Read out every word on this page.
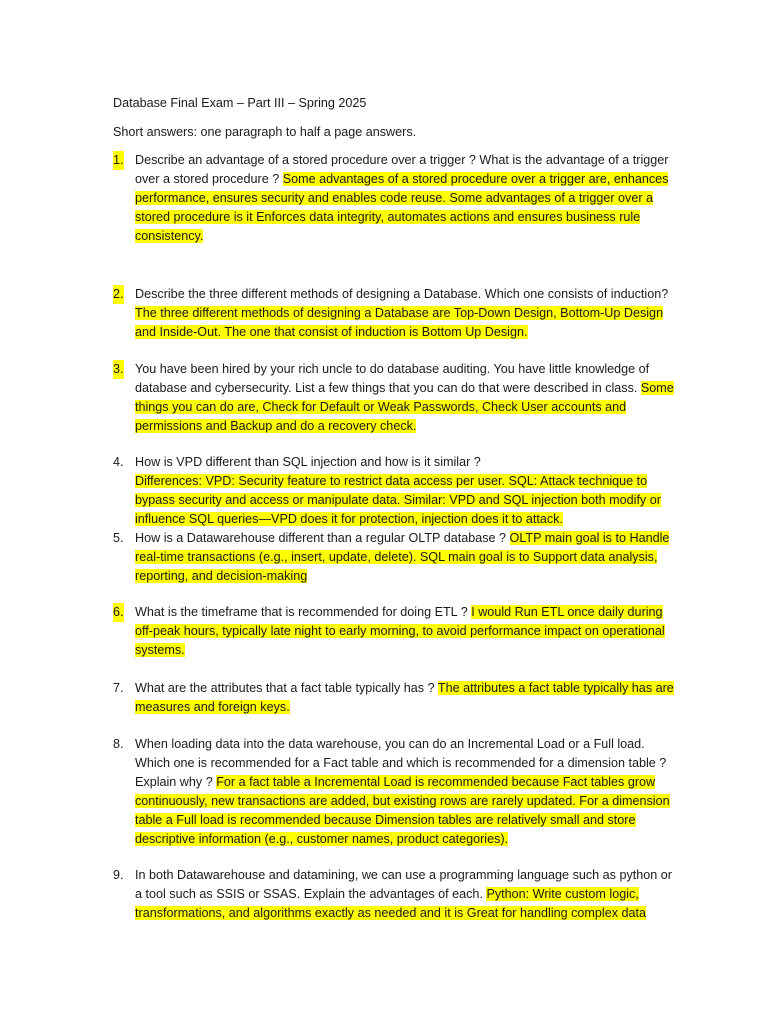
Database Final Exam – Part III – Spring 2025

Short answers: one paragraph to half a page answers.

1. Describe an advantage of a stored procedure over a trigger ? What is the advantage of a trigger over a stored procedure ? Some advantages of a stored procedure over a trigger are, enhances performance, ensures security and enables code reuse. Some advantages of a trigger over a stored procedure is it Enforces data integrity, automates actions and ensures business rule consistency.
2. Describe the three different methods of designing a Database. Which one consists of induction? The three different methods of designing a Database are Top-Down Design, Bottom-Up Design and Inside-Out. The one that consist of induction is Bottom Up Design.
3. You have been hired by your rich uncle to do database auditing. You have little knowledge of database and cybersecurity. List a few things that you can do that were described in class. Some things you can do are, Check for Default or Weak Passwords, Check User accounts and permissions and Backup and do a recovery check.
4. How is VPD different than SQL injection and how is it similar ?
Differences: VPD: Security feature to restrict data access per user. SQL: Attack technique to bypass security and access or manipulate data. Similar: VPD and SQL injection both modify or influence SQL queries—VPD does it for protection, injection does it to attack.
5. How is a Datawarehouse different than a regular OLTP database ? OLTP main goal is to Handle real-time transactions (e.g., insert, update, delete). SQL main goal is to Support data analysis, reporting, and decision-making
6. What is the timeframe that is recommended for doing ETL ? I would Run ETL once daily during off-peak hours, typically late night to early morning, to avoid performance impact on operational systems.
7. What are the attributes that a fact table typically has ? The attributes a fact table typically has are measures and foreign keys.
8. When loading data into the data warehouse, you can do an Incremental Load or a Full load. Which one is recommended for a Fact table and which is recommended for a dimension table ? Explain why ? For a fact table a Incremental Load is recommended because Fact tables grow continuously, new transactions are added, but existing rows are rarely updated. For a dimension table a Full load is recommended because Dimension tables are relatively small and store descriptive information (e.g., customer names, product categories).
9. In both Datawarehouse and datamining, we can use a programming language such as python or a tool such as SSIS or SSAS. Explain the advantages of each. Python: Write custom logic, transformations, and algorithms exactly as needed and it is Great for handling complex data
